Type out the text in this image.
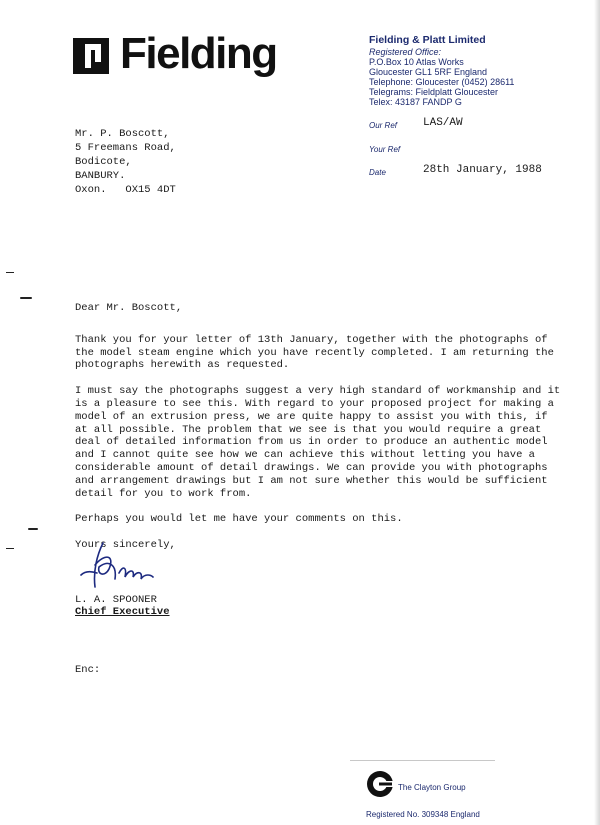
Fielding	Fielding & Platt Limited
Registered Office:
P.O.Box 10 Atlas Works
Gloucester GL1 5RF England
Telephone: Gloucester (0452) 28611
Telegrams: Fieldplatt Gloucester
Telex: 43187 FANDP G
Our Ref LAS/AW
Your Ref
Date	28th January, 1988
Mr. P. Boscott,
5 Freemans Road,
Bodicote,
BANBURY.
Oxon.   OX15 4DT

Dear Mr. Boscott,

Thank you for your letter of 13th January, together with the photographs of the model steam engine which you have recently completed. I am returning the photographs herewith as requested.

I must say the photographs suggest a very high standard of workmanship and it is a pleasure to see this. With regard to your proposed project for making a model of an extrusion press, we are quite happy to assist you with this, if at all possible. The problem that we see is that you would require a great deal of detailed information from us in order to produce an authentic model and I cannot quite see how we can achieve this without letting you have a considerable amount of detail drawings. We can provide you with photographs and arrangement drawings but I am not sure whether this would be sufficient detail for you to work from.

Perhaps you would let me have your comments on this.

Yours sincerely,

L. A. SPOONER
Chief Executive
Enc:
The Clayton Group
Registered No. 309348 England
